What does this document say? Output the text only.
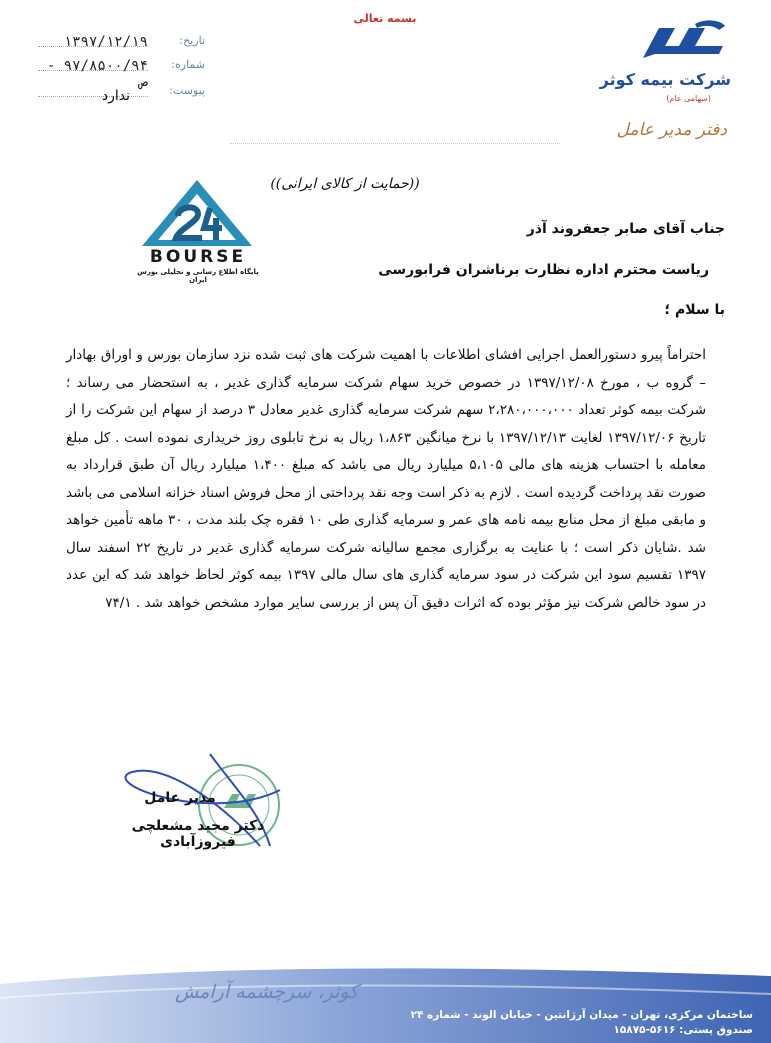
بسمه تعالی
شرکت بیمه کوثر
(سهامی عام)
دفتر مدیر عامل
تاریخ:
۱۳۹۷/۱۲/۱۹
شماره:
۹۷/۸۵۰۰/۹۴ - ص
پیوست:
ندارد
((حمایت از کالای ایرانی))
BOURSE
پایگاه اطلاع رسانی و تحلیلی بورس ایران
جناب آقای صابر جعفروند آذر
ریاست محترم اداره نظارت برناشران فرابورسی
با سلام ؛
احتراماً پیرو دستورالعمل اجرایی افشای اطلاعات با اهمیت شرکت های ثبت شده نزد سازمان بورس و اوراق بهادار – گروه ب ، مورخ ۱۳۹۷/۱۲/۰۸ در خصوص خرید سهام شرکت سرمایه گذاری غدیر ، به استحضار می رساند ؛ شرکت بیمه کوثر تعداد ۲،۲۸۰،۰۰۰،۰۰۰ سهم شرکت سرمایه گذاری غدیر معادل ۳ درصد از سهام این شرکت را از تاریخ ۱۳۹۷/۱۲/۰۶ لغایت ۱۳۹۷/۱۲/۱۳ با نرخ میانگین ۱،۸۶۳ ریال به نرخ تابلوی روز خریداری نموده است . کل مبلغ معامله با احتساب هزینه های مالی ۵،۱۰۵ میلیارد ریال می باشد که مبلغ ۱،۴۰۰ میلیارد ریال آن طبق قرارداد به صورت نقد پرداخت گردیده است . لازم به ذکر است وجه نقد پرداختی از محل فروش اسناد خزانه اسلامی می باشد و مابقی مبلغ از محل منابع بیمه نامه های عمر و سرمایه گذاری طی ۱۰ فقره چک بلند مدت ، ۳۰ ماهه تأمین خواهد شد .شایان ذکر است ؛ با عنایت به برگزاری مجمع سالیانه شرکت سرمایه گذاری غدیر در تاریخ ۲۲ اسفند سال ۱۳۹۷ تقسیم سود این شرکت در سود سرمایه گذاری های سال مالی ۱۳۹۷ بیمه کوثر لحاظ خواهد شد که این عدد در سود خالص شرکت نیز مؤثر بوده که اثرات دقیق آن پس از بررسی سایر موارد مشخص خواهد شد . ۷۴/۱
مدیر عامل
دکتر مجید مشعلچی فیروزآبادی
کوثر، سرچشمه آرامش
ساختمان مرکزی، تهران - میدان آرژانتین - خیابان الوند - شماره ۲۴
صندوق پستی: ۵۶۱۶-۱۵۸۷۵
